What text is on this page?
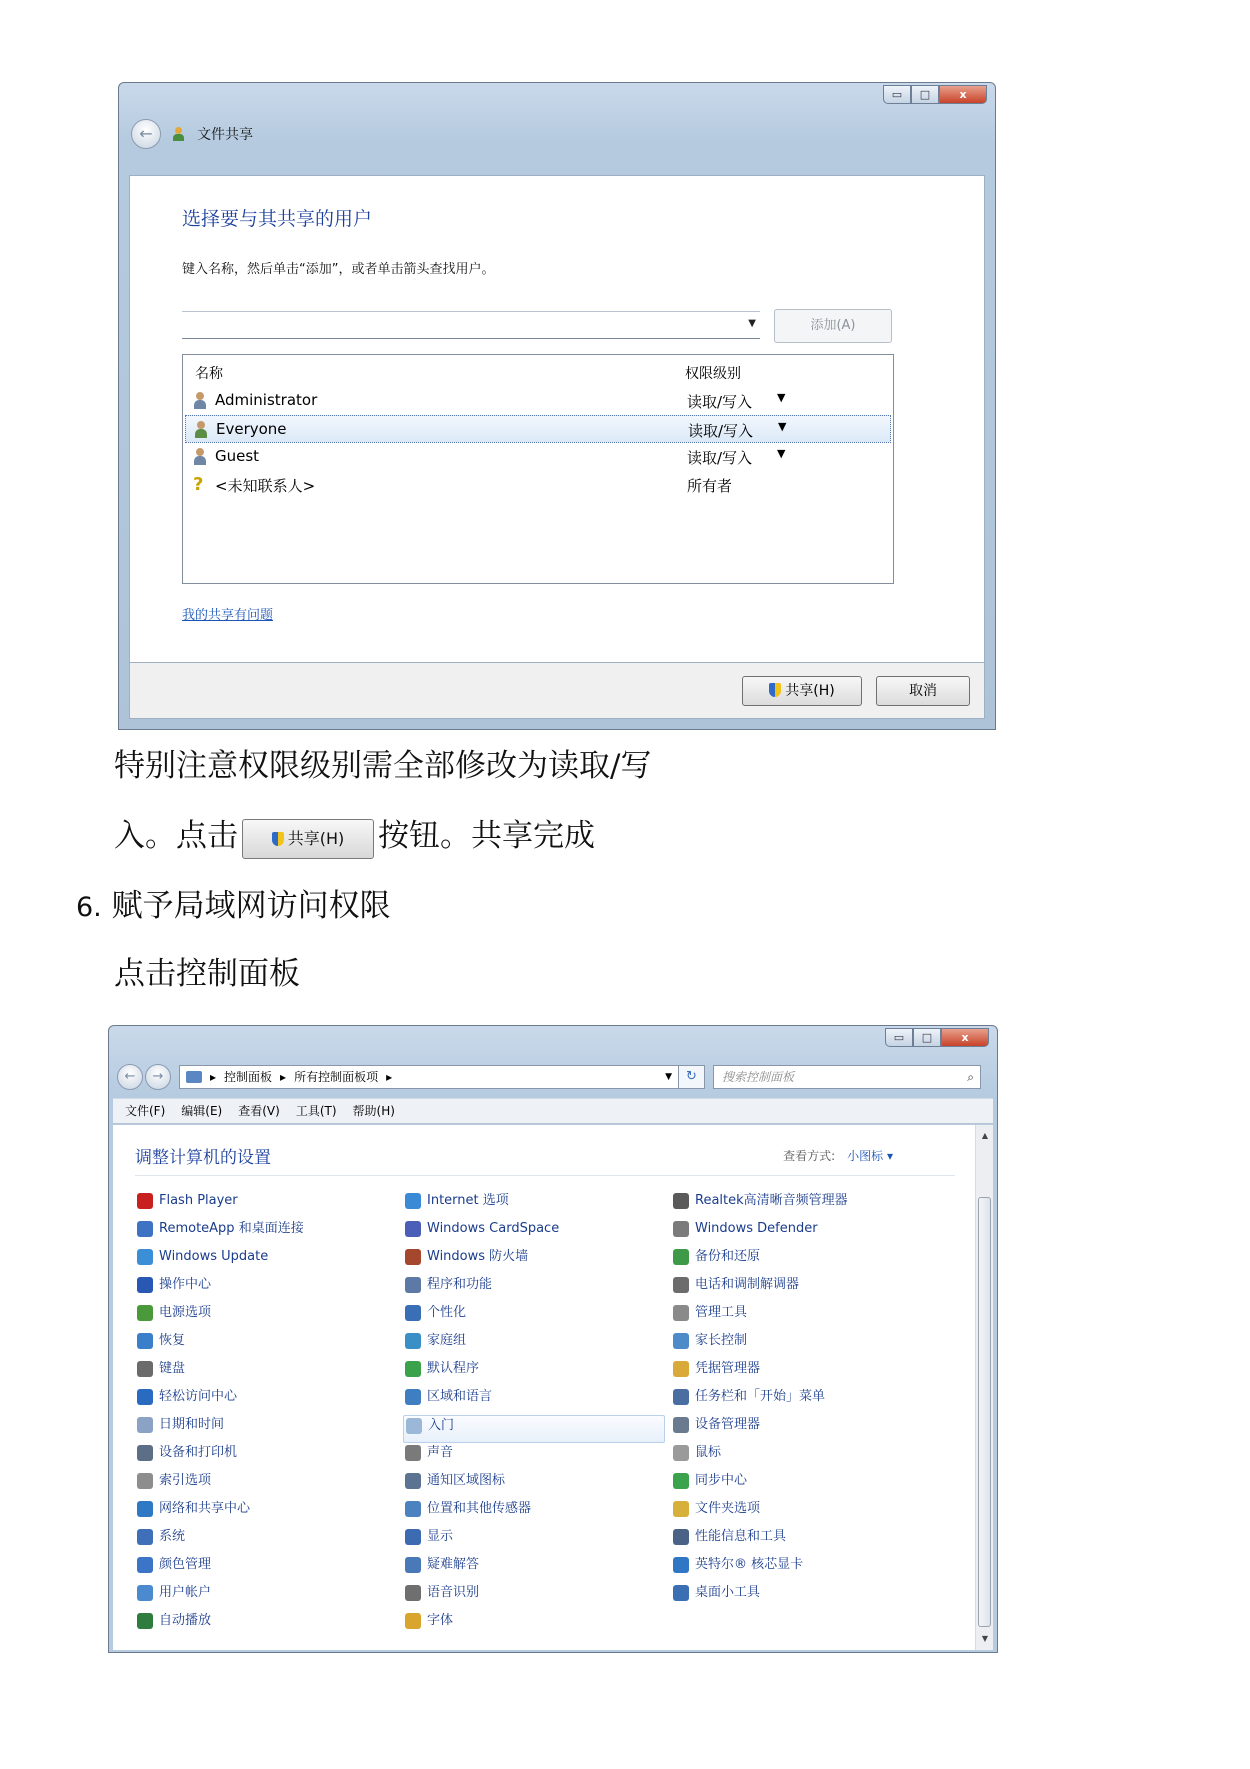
▭	□	x
←	文件共享
选择要与其共享的用户
键入名称，然后单击“添加”，或者单击箭头查找用户。
▼	添加(A)
名称	权限级别
Administrator	读取/写入 ▼
Everyone	读取/写入 ▼
Guest	读取/写入 ▼
? <未知联系人>	所有者
我的共享有问题
共享(H)	取消
特别注意权限级别需全部修改为读取/写
入。点击	共享(H) 按钮。共享完成
6. 赋予局域网访问权限
点击控制面板
▭	□	x
←	→	▸ 控制面板 ▸ 所有控制面板项 ▸	▼	↻	搜索控制面板	⌕
文件(F) 编辑(E) 查看(V) 工具(T) 帮助(H)
调整计算机的设置	查看方式: 小图标 ▾
Flash Player
RemoteApp 和桌面连接
Windows Update
操作中心
电源选项
恢复
键盘
轻松访问中心
日期和时间
设备和打印机
索引选项
网络和共享中心
系统
颜色管理
用户帐户
自动播放
Internet 选项
Windows CardSpace
Windows 防火墙
程序和功能
个性化
家庭组
默认程序
区域和语言
入门
声音
通知区域图标
位置和其他传感器
显示
疑难解答
语音识别
字体
Realtek高清晰音频管理器
Windows Defender
备份和还原
电话和调制解调器
管理工具
家长控制
凭据管理器
任务栏和「开始」菜单
设备管理器
鼠标
同步中心
文件夹选项
性能信息和工具
英特尔® 核芯显卡
桌面小工具
▲
▼
